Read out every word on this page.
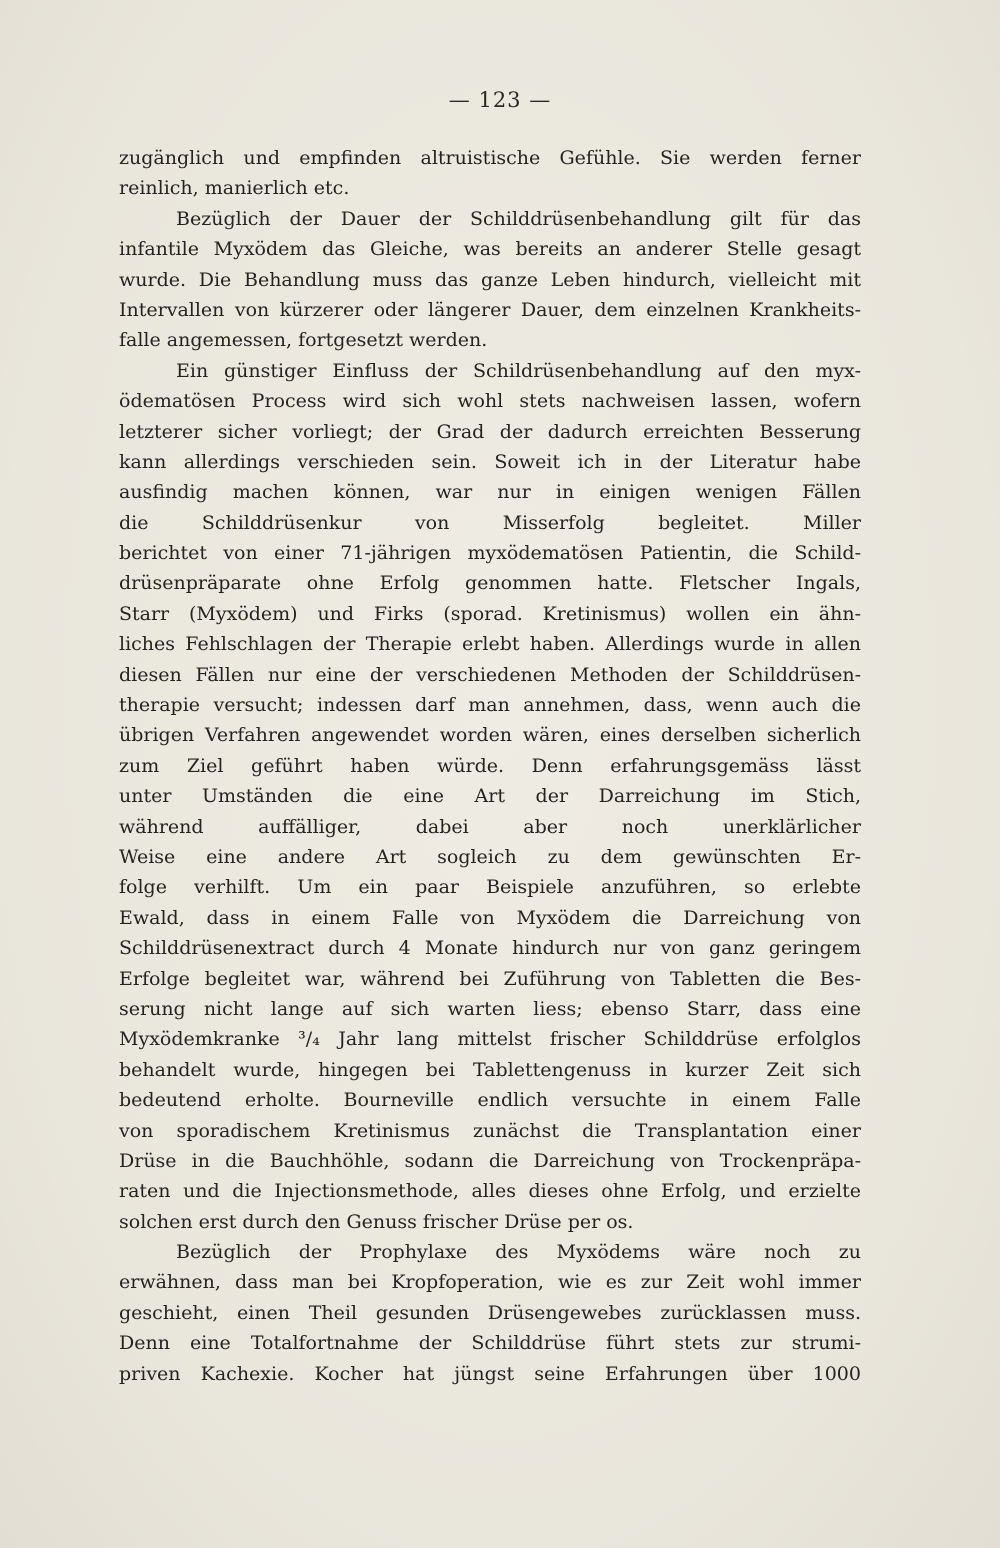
— 123 —
zugänglich und empfinden altruistische Gefühle. Sie werden ferner
reinlich, manierlich etc.
Bezüglich der Dauer der Schilddrüsenbehandlung gilt für das
infantile Myxödem das Gleiche, was bereits an anderer Stelle gesagt
wurde. Die Behandlung muss das ganze Leben hindurch, vielleicht mit
Intervallen von kürzerer oder längerer Dauer, dem einzelnen Krankheits-
falle angemessen, fortgesetzt werden.
Ein günstiger Einfluss der Schildrüsenbehandlung auf den myx-
ödematösen Process wird sich wohl stets nachweisen lassen, wofern
letzterer sicher vorliegt; der Grad der dadurch erreichten Besserung
kann allerdings verschieden sein. Soweit ich in der Literatur habe
ausfindig machen können, war nur in einigen wenigen Fällen
die Schilddrüsenkur von Misserfolg begleitet. Miller
berichtet von einer 71-jährigen myxödematösen Patientin, die Schild-
drüsenpräparate ohne Erfolg genommen hatte. Fletscher Ingals,
Starr (Myxödem) und Firks (sporad. Kretinismus) wollen ein ähn-
liches Fehlschlagen der Therapie erlebt haben. Allerdings wurde in allen
diesen Fällen nur eine der verschiedenen Methoden der Schilddrüsen-
therapie versucht; indessen darf man annehmen, dass, wenn auch die
übrigen Verfahren angewendet worden wären, eines derselben sicherlich
zum Ziel geführt haben würde. Denn erfahrungsgemäss lässt
unter Umständen die eine Art der Darreichung im Stich,
während auffälliger, dabei aber noch unerklärlicher
Weise eine andere Art sogleich zu dem gewünschten Er-
folge verhilft. Um ein paar Beispiele anzuführen, so erlebte
Ewald, dass in einem Falle von Myxödem die Darreichung von
Schilddrüsenextract durch 4 Monate hindurch nur von ganz geringem
Erfolge begleitet war, während bei Zuführung von Tabletten die Bes-
serung nicht lange auf sich warten liess; ebenso Starr, dass eine
Myxödemkranke ³/₄ Jahr lang mittelst frischer Schilddrüse erfolglos
behandelt wurde, hingegen bei Tablettengenuss in kurzer Zeit sich
bedeutend erholte. Bourneville endlich versuchte in einem Falle
von sporadischem Kretinismus zunächst die Transplantation einer
Drüse in die Bauchhöhle, sodann die Darreichung von Trockenpräpa-
raten und die Injectionsmethode, alles dieses ohne Erfolg, und erzielte
solchen erst durch den Genuss frischer Drüse per os.
Bezüglich der Prophylaxe des Myxödems wäre noch zu
erwähnen, dass man bei Kropfoperation, wie es zur Zeit wohl immer
geschieht, einen Theil gesunden Drüsengewebes zurücklassen muss.
Denn eine Totalfortnahme der Schilddrüse führt stets zur strumi-
priven Kachexie. Kocher hat jüngst seine Erfahrungen über 1000
